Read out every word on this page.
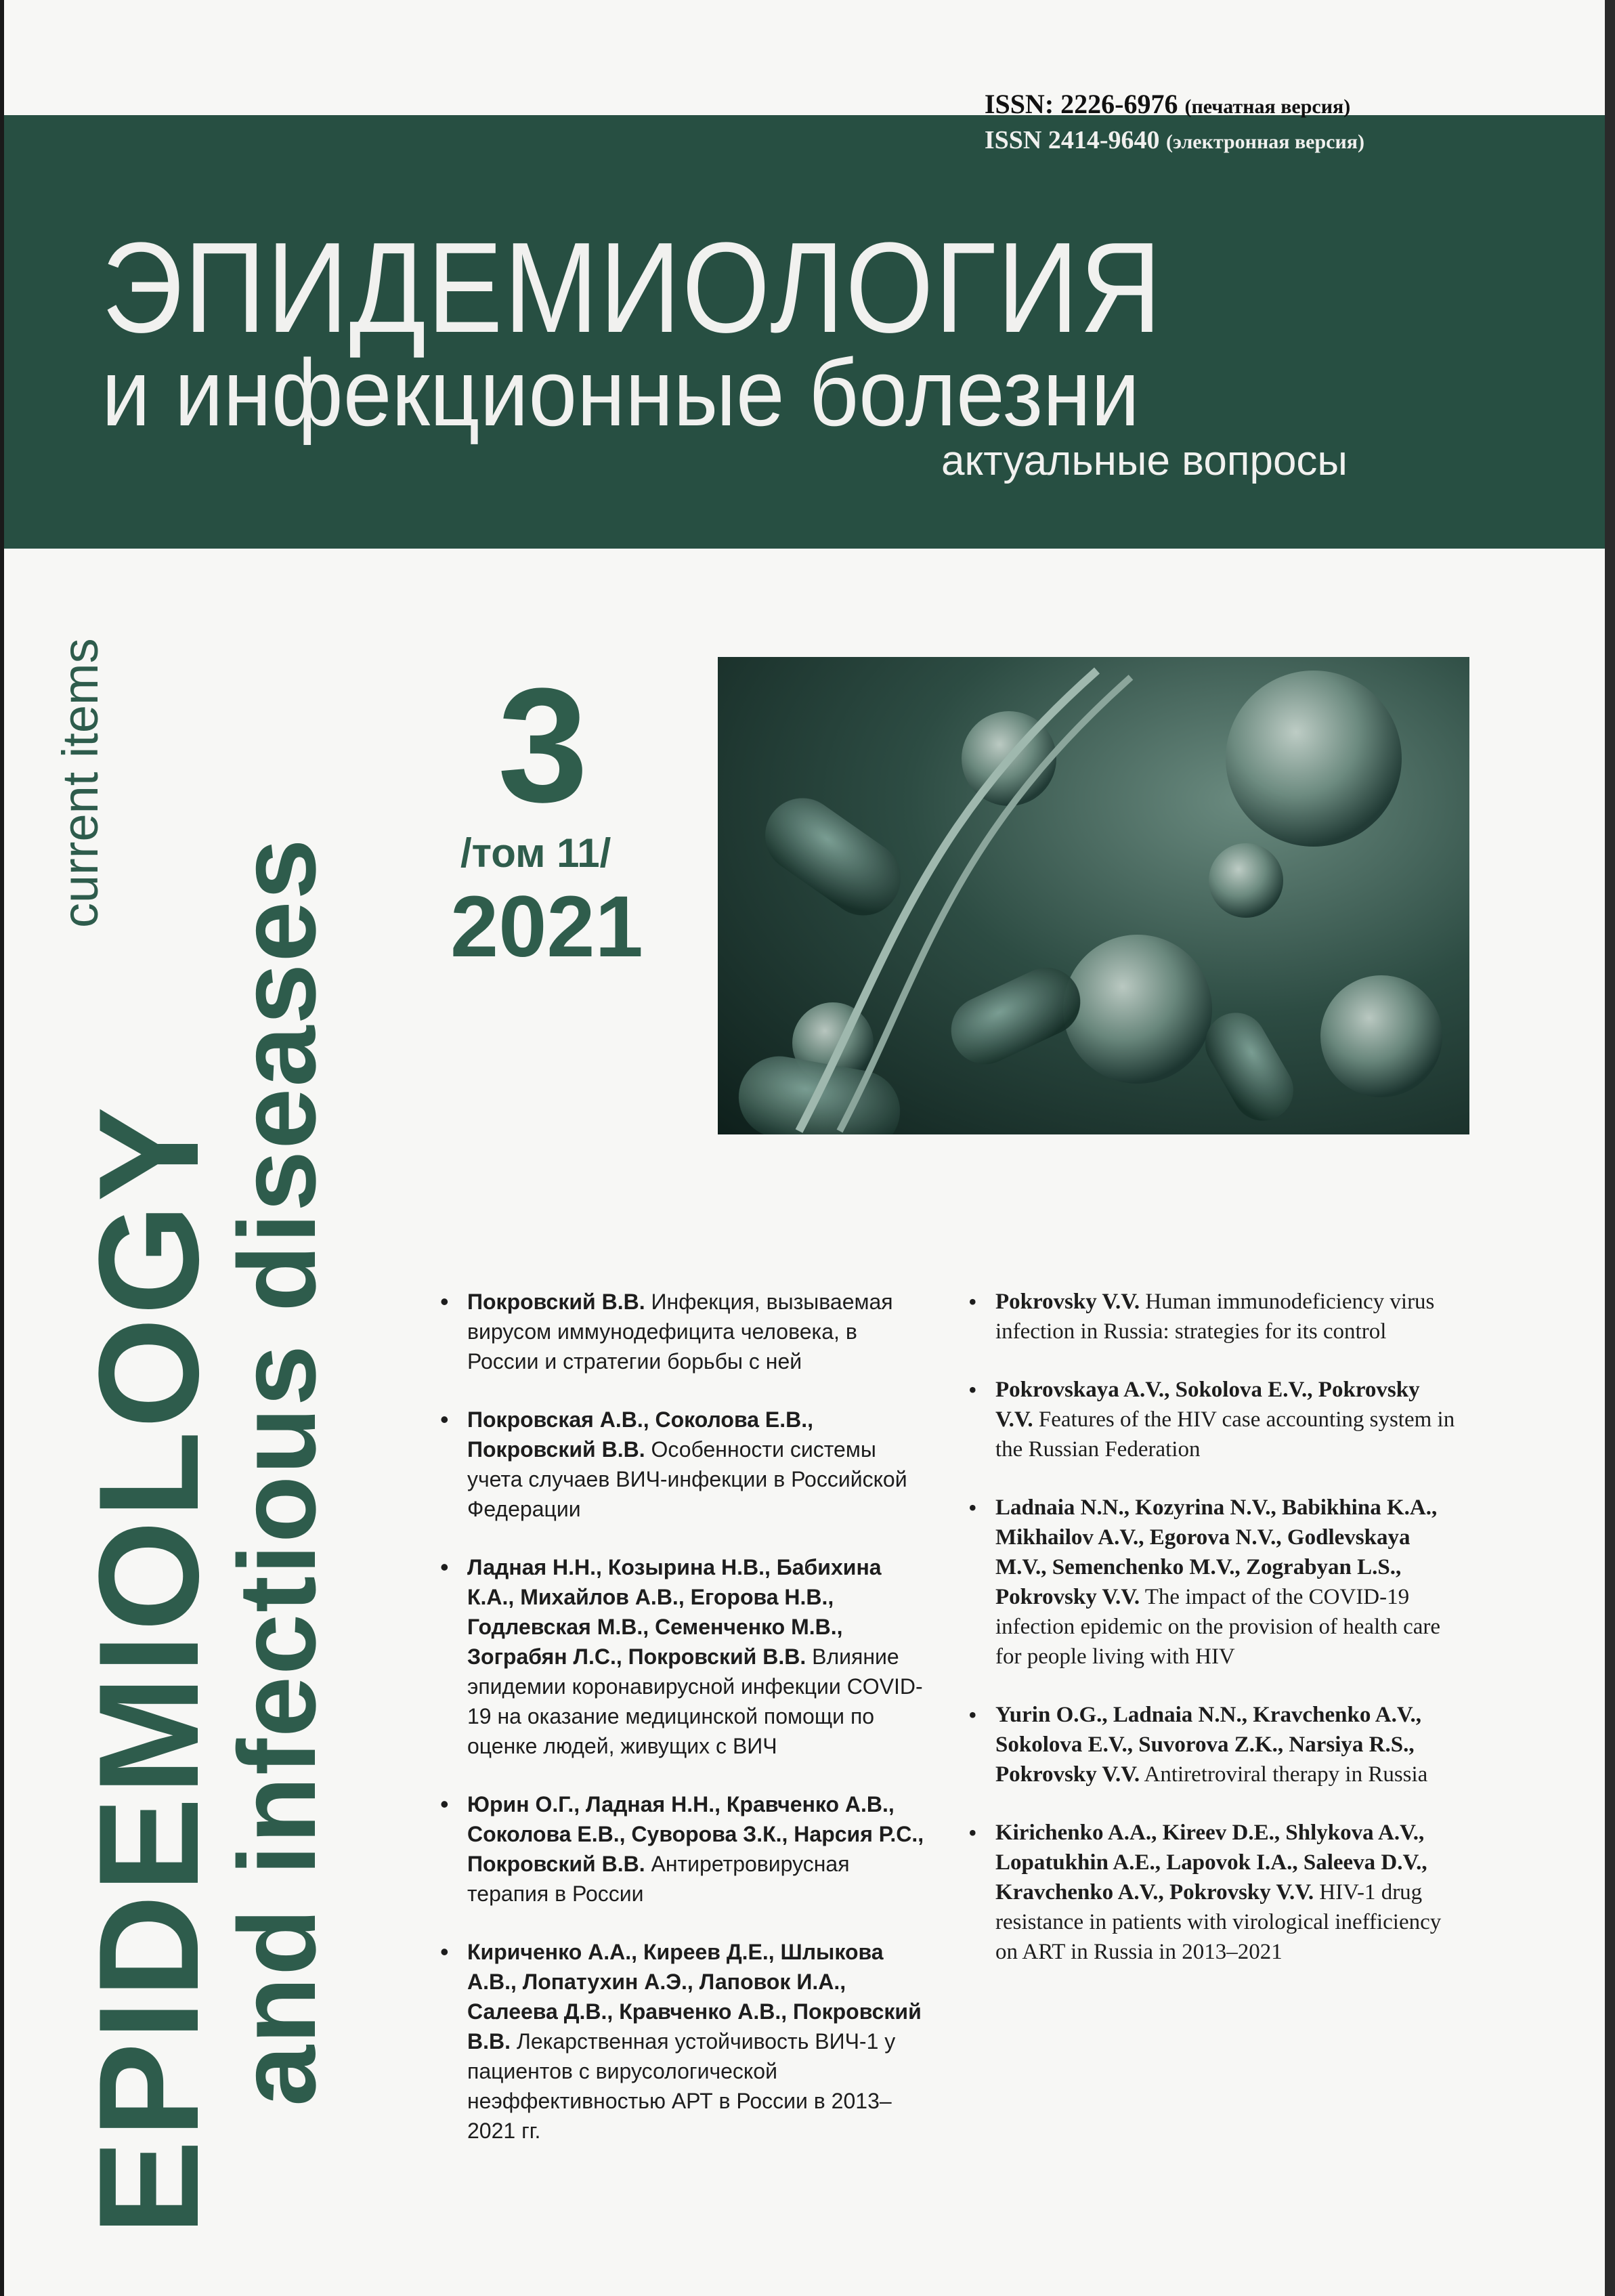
ISSN: 2226-6976 (печатная версия)
ISSN 2414-9640 (электронная версия)
ЭПИДЕМИОЛОГИЯ
и инфекционные болезни
актуальные вопросы
EPIDEMIOLOGY
and infectious diseases
current items 3
/том 11/
2021
• Покровский В.В. Инфекция, вызываемая вирусом иммунодефицита человека, в России и стратегии борьбы с ней
• Покровская А.В., Соколова Е.В., Покровский В.В. Особенности системы учета случаев ВИЧ-инфекции в Российской Федерации
• Ладная Н.Н., Козырина Н.В., Бабихина К.А., Михайлов А.В., Егорова Н.В., Годлевская М.В., Семенченко М.В., Зограбян Л.С., Покровский В.В. Влияние эпидемии коронавирусной инфекции COVID-19 на оказание медицинской помощи по оценке людей, живущих с ВИЧ
• Юрин О.Г., Ладная Н.Н., Кравченко А.В., Соколова Е.В., Суворова З.К., Нарсия Р.С., Покровский В.В. Антиретровирусная терапия в России
• Кириченко А.А., Киреев Д.Е., Шлыкова А.В., Лопатухин А.Э., Лаповок И.А., Салеева Д.В., Кравченко А.В., Покровский В.В. Лекарственная устойчивость ВИЧ-1 у пациентов с вирусологической неэффективностью АРТ в России в 2013–2021 гг.
• Pokrovsky V.V. Human immunodeficiency virus infection in Russia: strategies for its control
• Pokrovskaya A.V., Sokolova E.V., Pokrovsky V.V. Features of the HIV case accounting system in the Russian Federation
• Ladnaia N.N., Kozyrina N.V., Babikhina K.A., Mikhailov A.V., Egorova N.V., Godlevskaya M.V., Semenchenko M.V., Zograbyan L.S., Pokrovsky V.V. The impact of the COVID-19 infection epidemic on the provision of health care for people living with HIV
• Yurin O.G., Ladnaia N.N., Kravchenko A.V., Sokolova E.V., Suvorova Z.K., Narsiya R.S., Pokrovsky V.V. Antiretroviral therapy in Russia
• Kirichenko A.A., Kireev D.E., Shlykova A.V., Lopatukhin A.E., Lapovok I.A., Saleeva D.V., Kravchenko A.V., Pokrovsky V.V. HIV-1 drug resistance in patients with virological inefficiency on ART in Russia in 2013–2021
